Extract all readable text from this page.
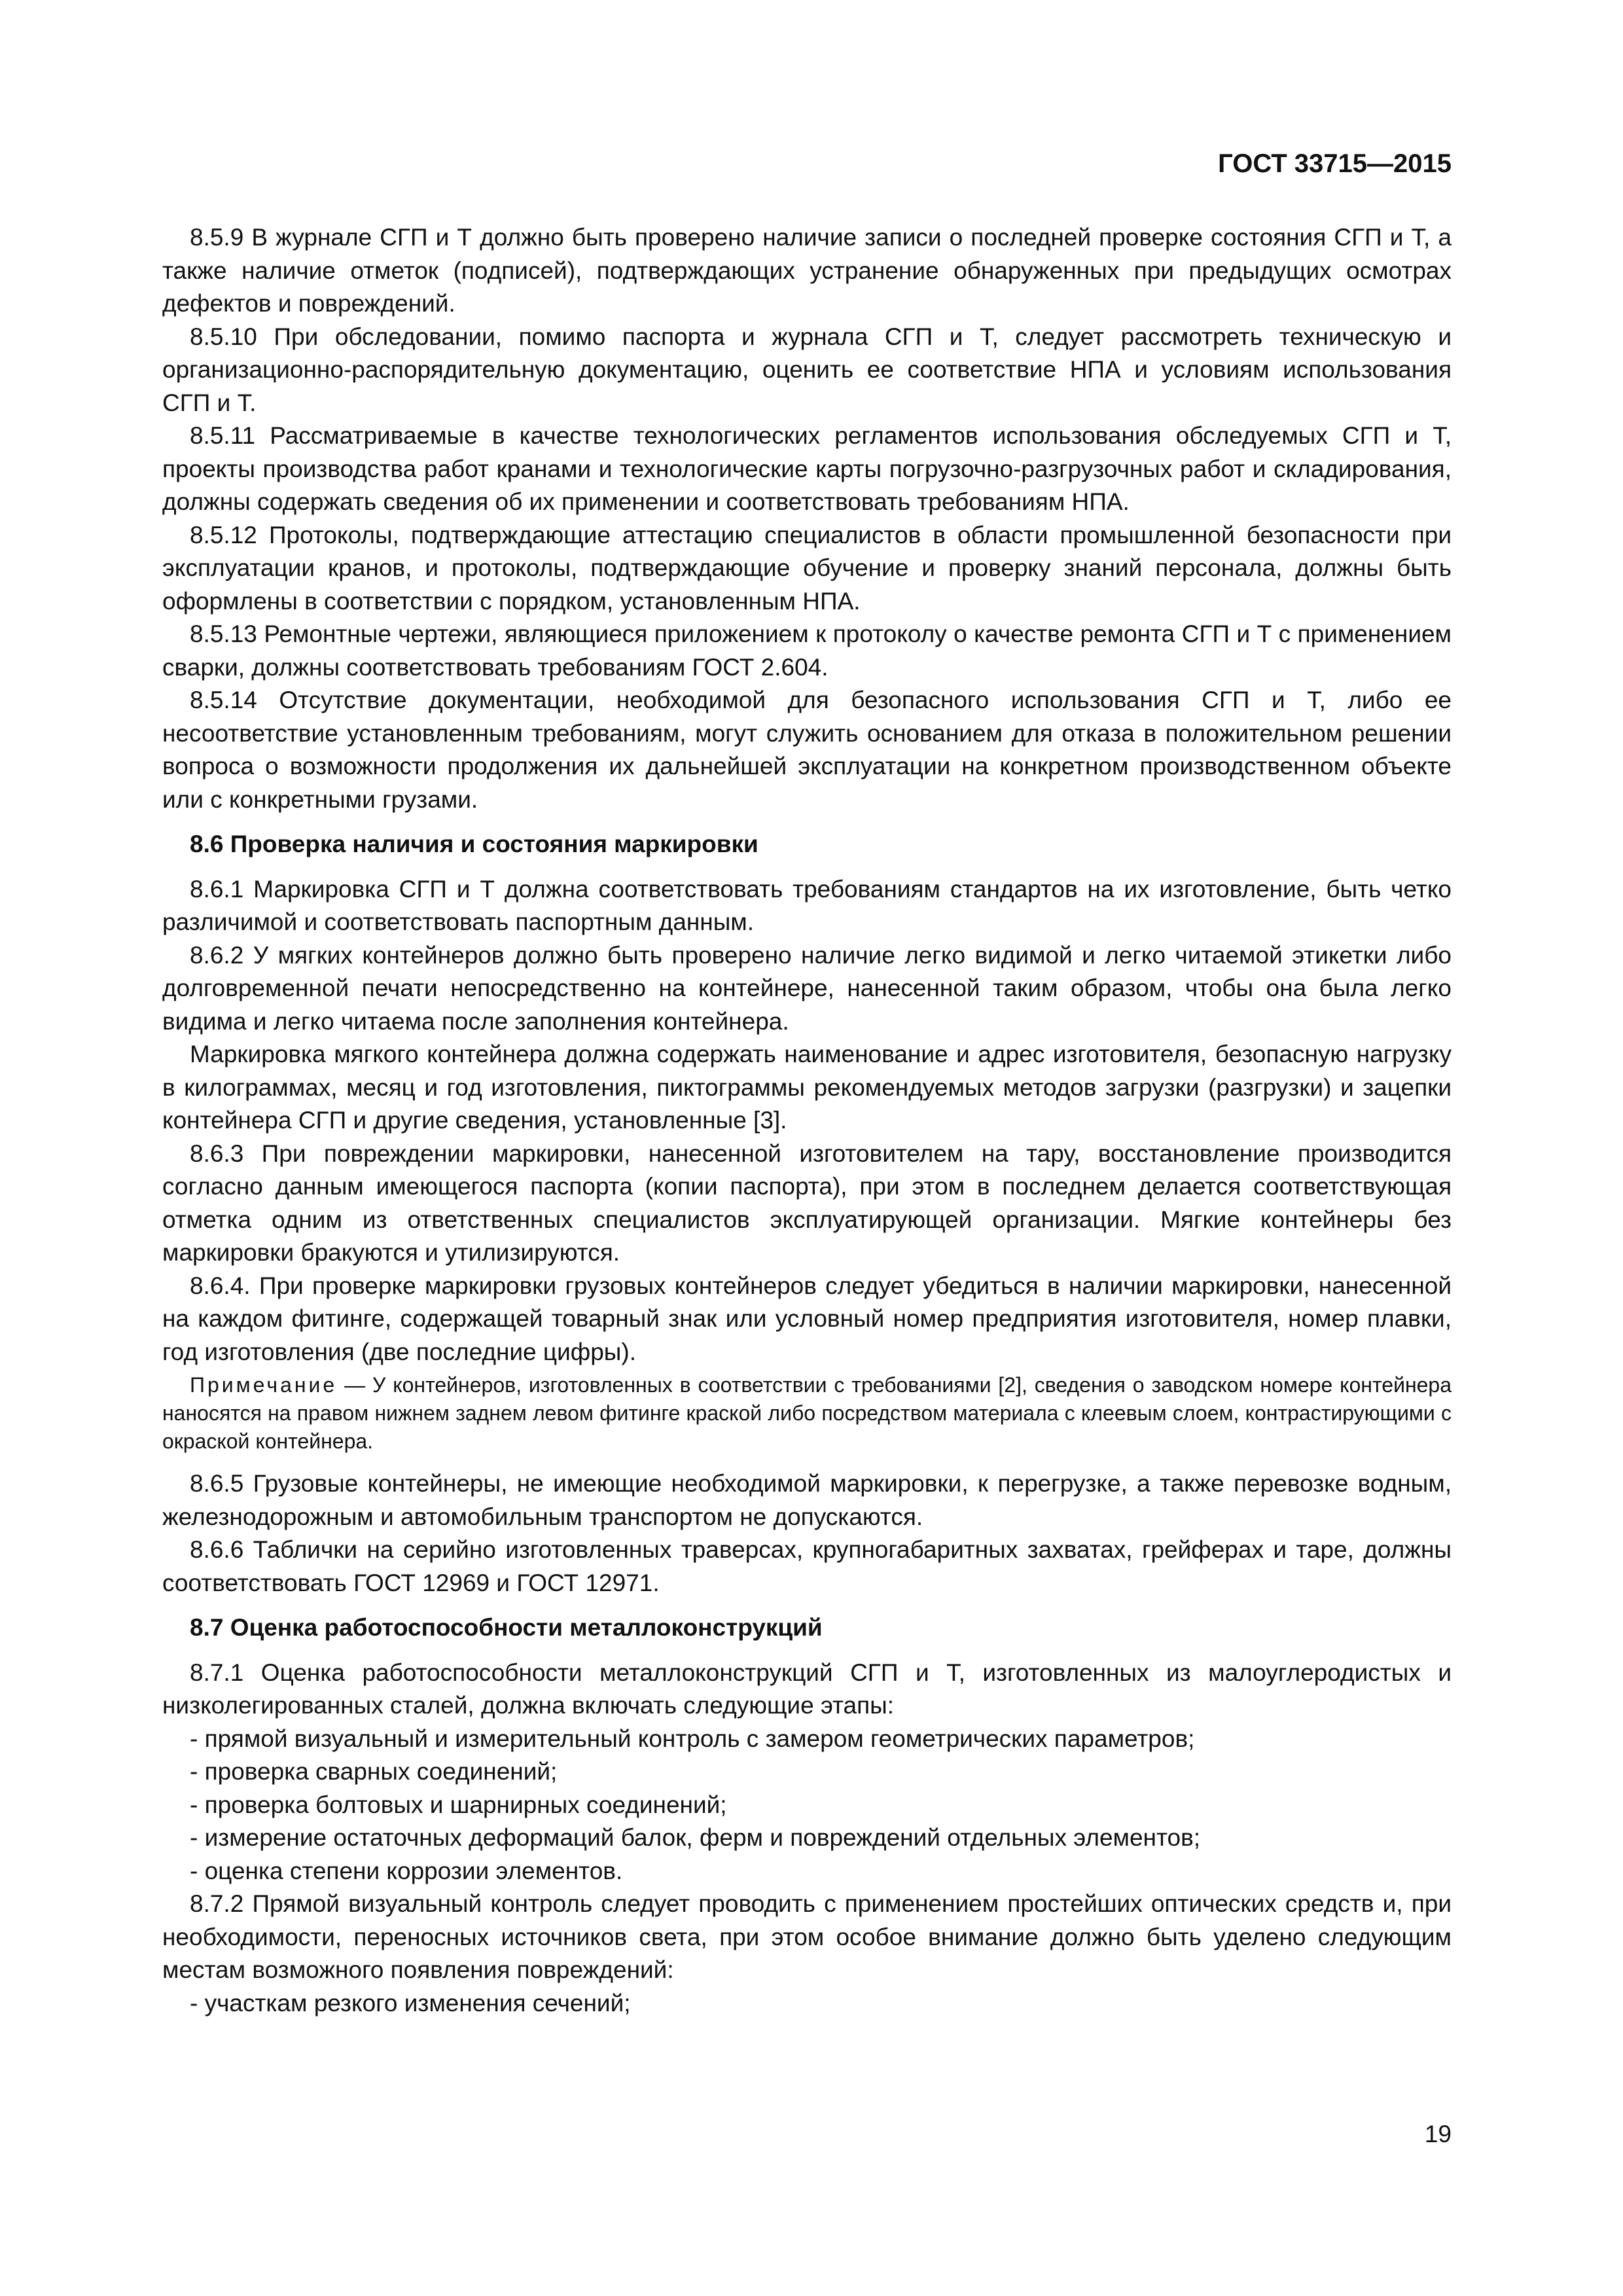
ГОСТ 33715—2015

8.5.9 В журнале СГП и Т должно быть проверено наличие записи о последней проверке состояния СГП и Т, а также наличие отметок (подписей), подтверждающих устранение обнаруженных при предыдущих осмотрах дефектов и повреждений.

8.5.10 При обследовании, помимо паспорта и журнала СГП и Т, следует рассмотреть техническую и организационно-распорядительную документацию, оценить ее соответствие НПА и условиям использования СГП и Т.

8.5.11 Рассматриваемые в качестве технологических регламентов использования обследуемых СГП и Т, проекты производства работ кранами и технологические карты погрузочно-разгрузочных работ и складирования, должны содержать сведения об их применении и соответствовать требованиям НПА.

8.5.12 Протоколы, подтверждающие аттестацию специалистов в области промышленной безопасности при эксплуатации кранов, и протоколы, подтверждающие обучение и проверку знаний персонала, должны быть оформлены в соответствии с порядком, установленным НПА.

8.5.13 Ремонтные чертежи, являющиеся приложением к протоколу о качестве ремонта СГП и Т с применением сварки, должны соответствовать требованиям ГОСТ 2.604.

8.5.14 Отсутствие документации, необходимой для безопасного использования СГП и Т, либо ее несоответствие установленным требованиям, могут служить основанием для отказа в положительном решении вопроса о возможности продолжения их дальнейшей эксплуатации на конкретном производственном объекте или с конкретными грузами.

8.6 Проверка наличия и состояния маркировки

8.6.1 Маркировка СГП и Т должна соответствовать требованиям стандартов на их изготовление, быть четко различимой и соответствовать паспортным данным.

8.6.2 У мягких контейнеров должно быть проверено наличие легко видимой и легко читаемой этикетки либо долговременной печати непосредственно на контейнере, нанесенной таким образом, чтобы она была легко видима и легко читаема после заполнения контейнера.

Маркировка мягкого контейнера должна содержать наименование и адрес изготовителя, безопасную нагрузку в килограммах, месяц и год изготовления, пиктограммы рекомендуемых методов загрузки (разгрузки) и зацепки контейнера СГП и другие сведения, установленные [3].

8.6.3 При повреждении маркировки, нанесенной изготовителем на тару, восстановление производится согласно данным имеющегося паспорта (копии паспорта), при этом в последнем делается соответствующая отметка одним из ответственных специалистов эксплуатирующей организации. Мягкие контейнеры без маркировки бракуются и утилизируются.

8.6.4. При проверке маркировки грузовых контейнеров следует убедиться в наличии маркировки, нанесенной на каждом фитинге, содержащей товарный знак или условный номер предприятия изготовителя, номер плавки, год изготовления (две последние цифры).

Примечание — У контейнеров, изготовленных в соответствии с требованиями [2], сведения о заводском номере контейнера наносятся на правом нижнем заднем левом фитинге краской либо посредством материала с клеевым слоем, контрастирующими с окраской контейнера.

8.6.5 Грузовые контейнеры, не имеющие необходимой маркировки, к перегрузке, а также перевозке водным, железнодорожным и автомобильным транспортом не допускаются.

8.6.6 Таблички на серийно изготовленных траверсах, крупногабаритных захватах, грейферах и таре, должны соответствовать ГОСТ 12969 и ГОСТ 12971.

8.7 Оценка работоспособности металлоконструкций

8.7.1 Оценка работоспособности металлоконструкций СГП и Т, изготовленных из малоуглеродистых и низколегированных сталей, должна включать следующие этапы:

- прямой визуальный и измерительный контроль с замером геометрических параметров;

- проверка сварных соединений;

- проверка болтовых и шарнирных соединений;

- измерение остаточных деформаций балок, ферм и повреждений отдельных элементов;

- оценка степени коррозии элементов.

8.7.2 Прямой визуальный контроль следует проводить с применением простейших оптических средств и, при необходимости, переносных источников света, при этом особое внимание должно быть уделено следующим местам возможного появления повреждений:

- участкам резкого изменения сечений;

19
